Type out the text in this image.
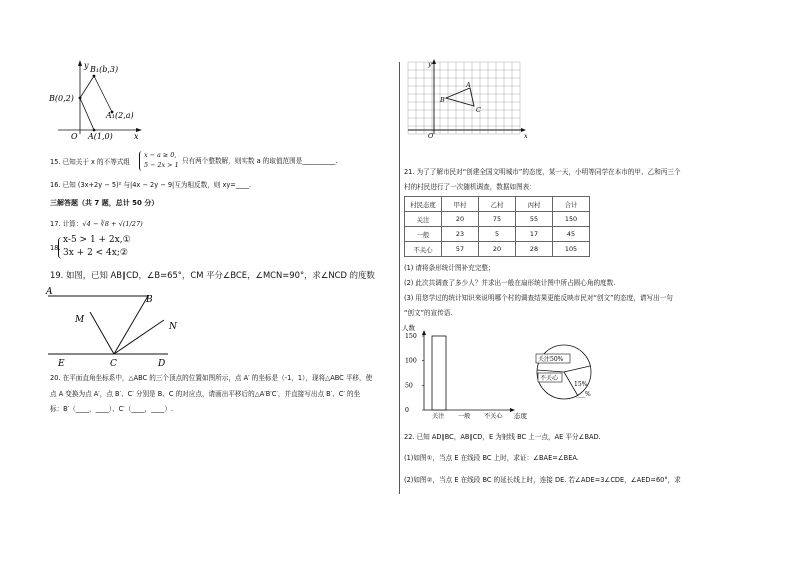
y
x
O
B(0,2)
B₁(b,3)
A₁(2,a)
A(1,0)
15. 已知关于 x 的不等式组
x − a ≥ 0,
5 − 2x > 1 只有两个整数解，则实数 a 的取值范围是__________.
16. 已知 (3x+2y − 5)² 与|4x − 2y − 9|互为相反数，则 xy=____.
三解答题（共 7 题，总计 50 分）
17. 计算：√4 − ∛8 + √(1/27)
18.
x-5 > 1 + 2x,①
3x + 2 < 4x;②
19. 如图，已知 AB∥CD，∠B=65°，CM 平分∠BCE，∠MCN=90°，求∠NCD 的度数
A
B
M
N
E	C	D
20. 在平面直角坐标系中，△ABC 的三个顶点的位置如图所示，点 A′ 的坐标是（-1，1），现将△ABC 平移，使
点 A 变换为点 A′，点 B′、C′ 分别是 B、C 的对应点，请画出平移后的△A′B′C′，并直接写出点 B′、C′ 的坐
标：B′（____，____）、C′（____，____）.
y
x
O
A
B
C
21. 为了了解市民对“创建全国文明城市”的态度，某一天，小明等同学在本市的甲、乙和丙三个
村的村民进行了一次随机调查，数据如图表：
村民态度	甲村	乙村	丙村	合计
关注	20	75	55	150
一般	23	5	17	45
不关心	57	20	28	105
(1) 请将条形统计图补充完整；
(2) 此次共调查了多少人？并求出一般在扇形统计图中所占圆心角的度数.
(3) 用您学过的统计知识来说明哪个村的调查结果更能反映市民对“创文”的态度，请写出一句
“创文”的宣传语.
人数
0
50
100
150
关注 一般 不关心 态度
关注50%
不关心
15%
___%
22. 已知 AD∥BC，AB∥CD，E 为射线 BC 上一点，AE 平分∠BAD.
(1)如图①，当点 E 在线段 BC 上时，求证：∠BAE=∠BEA.
(2)如图②，当点 E 在线段 BC 的延长线上时，连接 DE. 若∠ADE=3∠CDE，∠AED=60°，求
